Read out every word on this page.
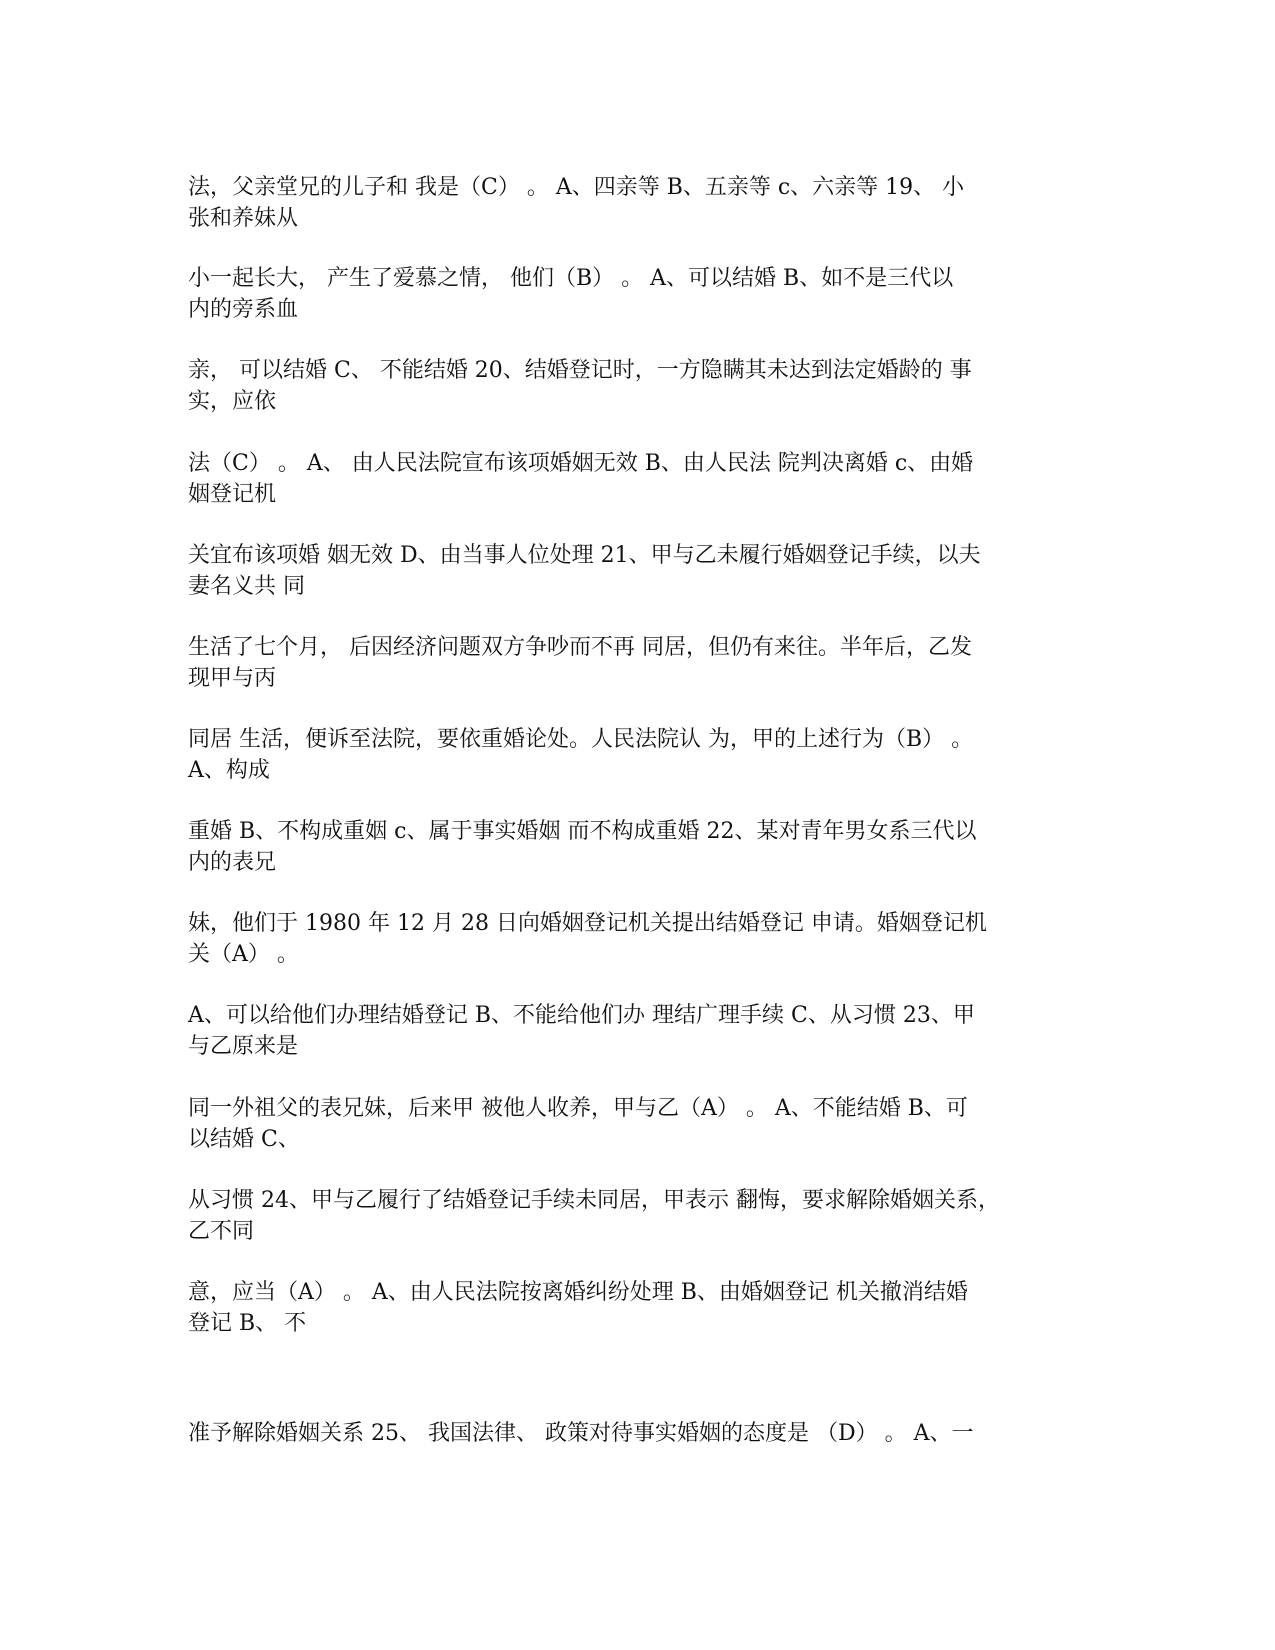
法，父亲堂兄的儿子和 我是（C） 。 A、四亲等 B、五亲等 c、六亲等 19、 小
张和养妹从
小一起长大， 产生了爱慕之情， 他们（B） 。 A、可以结婚 B、如不是三代以
内的旁系血
亲， 可以结婚 C、 不能结婚 20、结婚登记时，一方隐瞒其未达到法定婚龄的 事
实，应依
法（C） 。 A、 由人民法院宣布该项婚姻无效 B、由人民法 院判决离婚 c、由婚
姻登记机
关宜布该项婚 姻无效 D、由当事人位处理 21、甲与乙未履行婚姻登记手续，以夫
妻名义共 同
生活了七个月， 后因经济问题双方争吵而不再 同居，但仍有来往。半年后，乙发
现甲与丙
同居 生活，便诉至法院，要依重婚论处。人民法院认 为，甲的上述行为（B） 。
A、构成
重婚 B、不构成重姻 c、属于事实婚姻 而不构成重婚 22、某对青年男女系三代以
内的表兄
妹，他们于 1980 年 12 月 28 日向婚姻登记机关提出结婚登记 申请。婚姻登记机
关（A） 。
A、可以给他们办理结婚登记 B、不能给他们办 理结广理手续 C、从习惯 23、甲
与乙原来是
同一外祖父的表兄妹，后来甲 被他人收养，甲与乙（A） 。 A、不能结婚 B、可
以结婚 C、
从习惯 24、甲与乙履行了结婚登记手续未同居，甲表示 翻悔，要求解除婚姻关系，
乙不同
意，应当（A） 。 A、由人民法院按离婚纠纷处理 B、由婚姻登记 机关撤消结婚
登记 B、 不
准予解除婚姻关系 25、 我国法律、 政策对待事实婚姻的态度是 （D） 。 A、一
